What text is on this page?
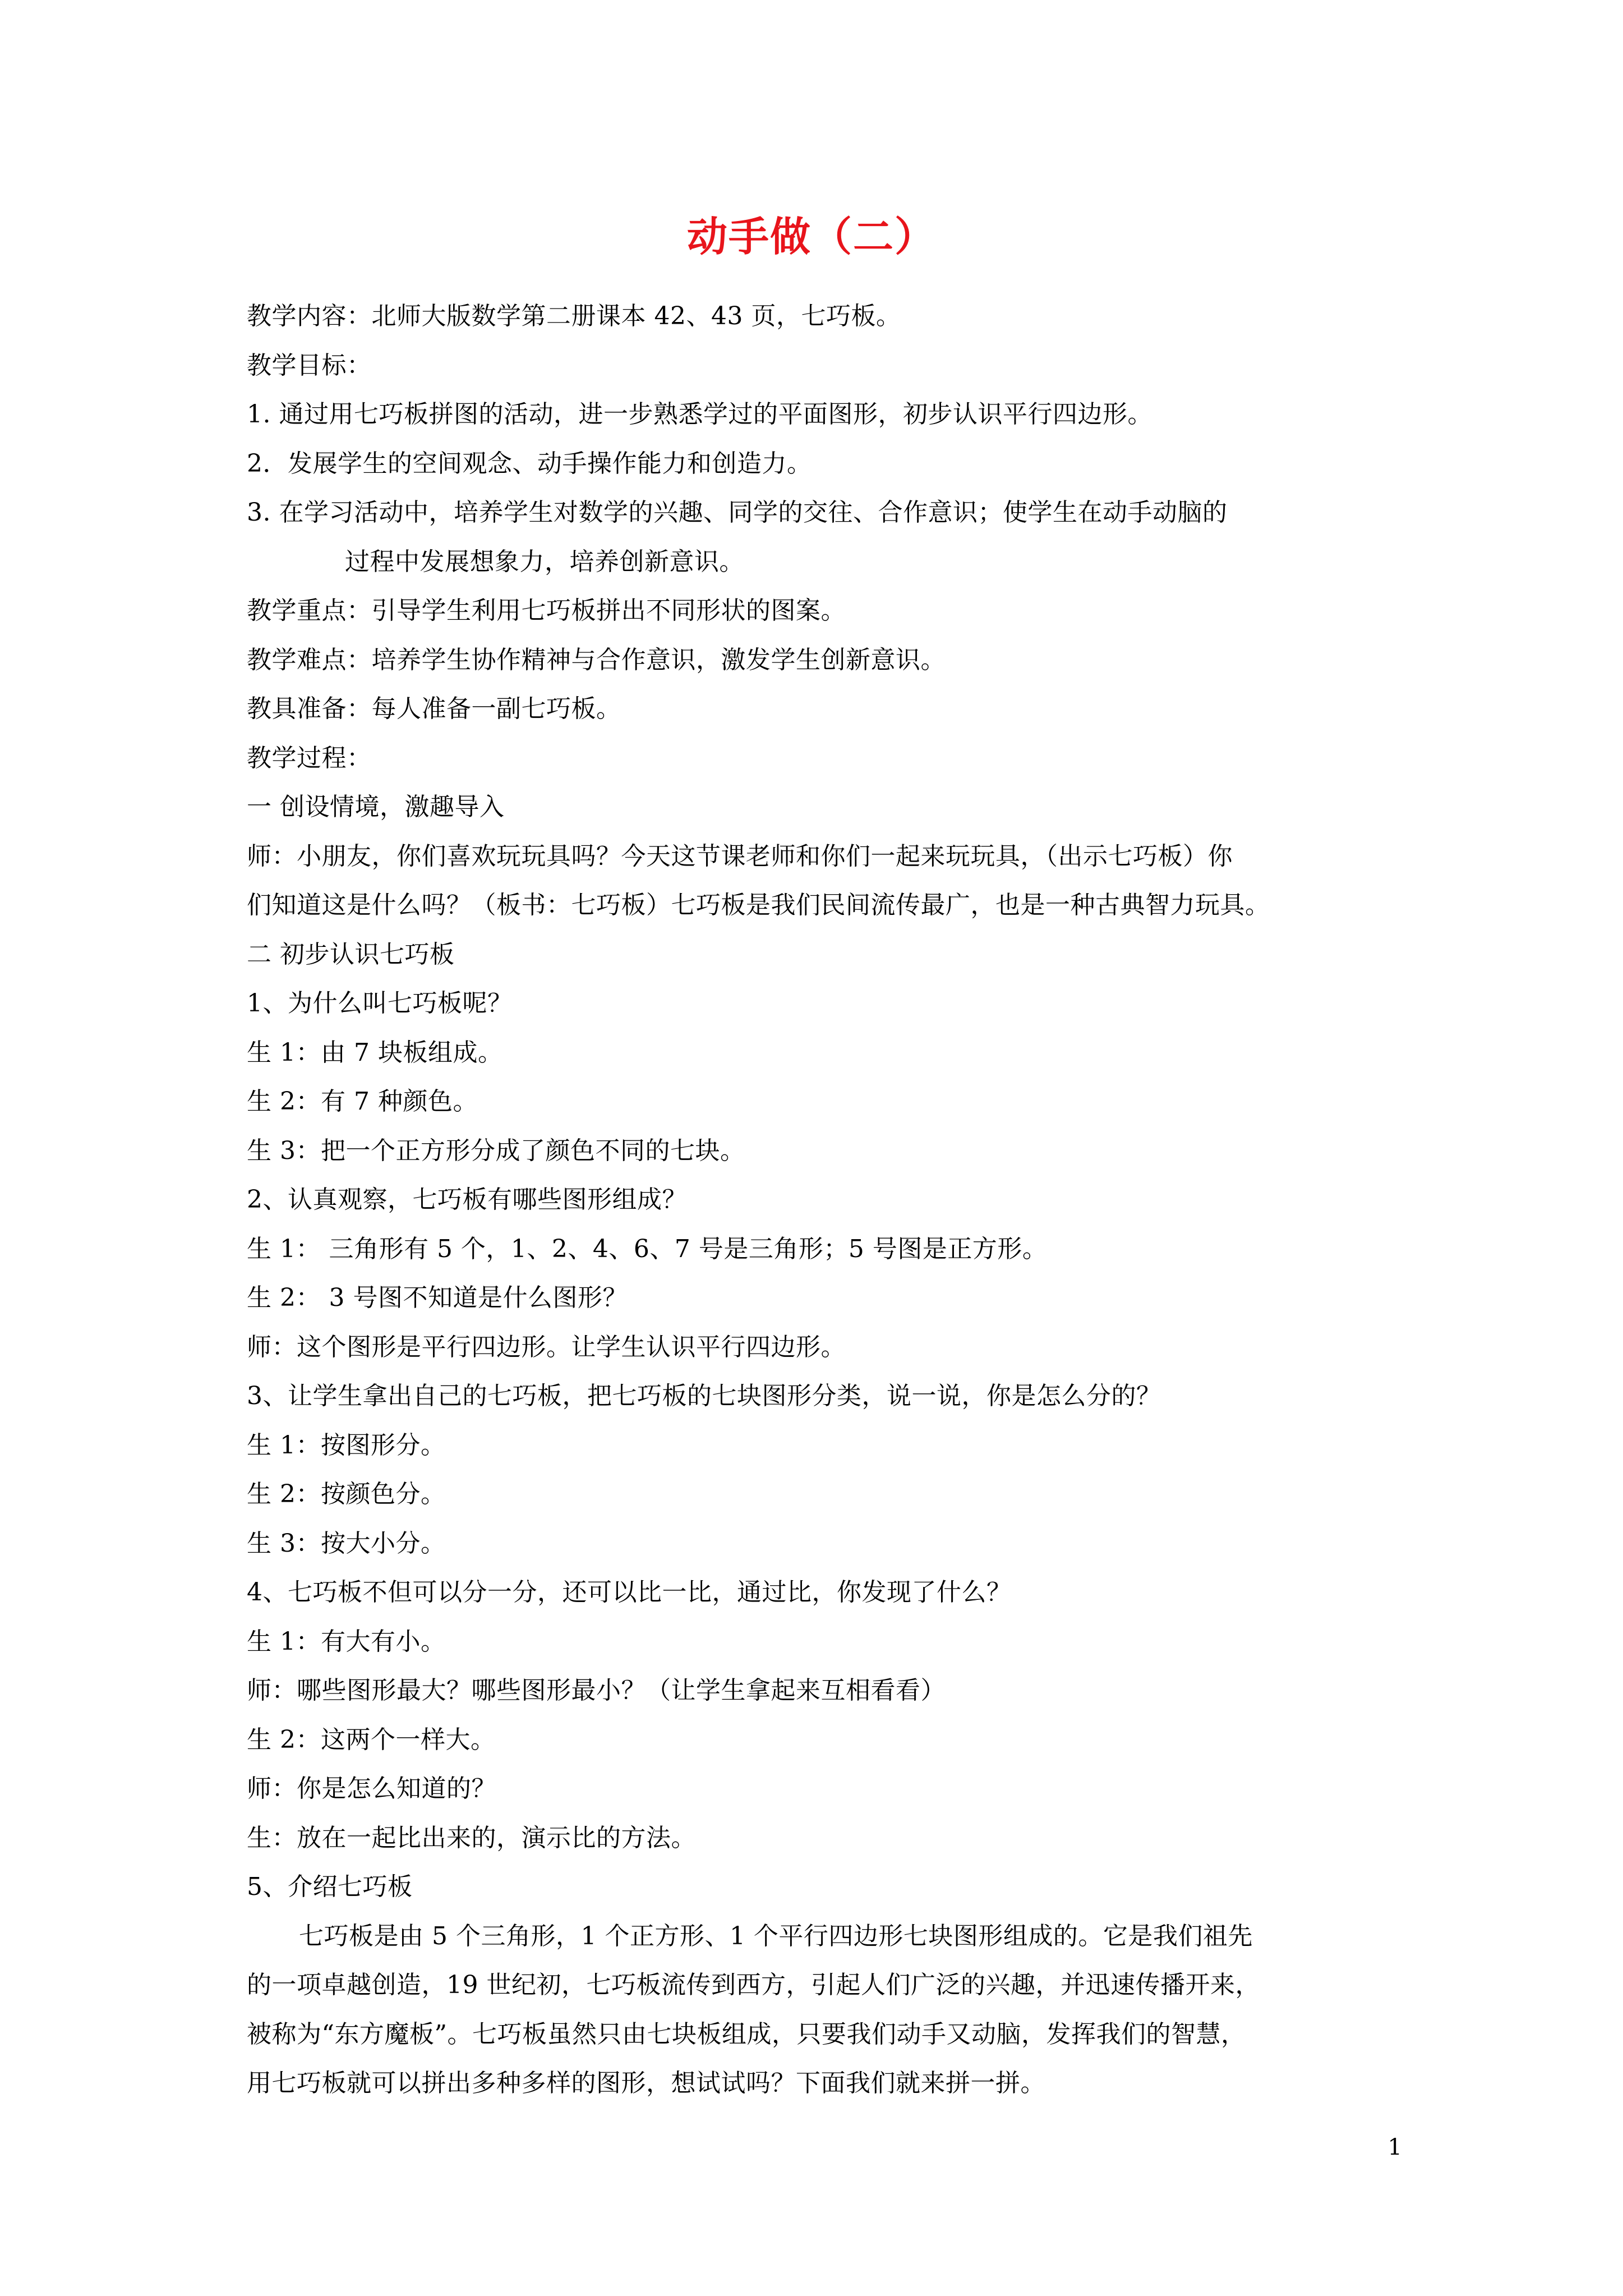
动手做（二）
教学内容：北师大版数学第二册课本 42、43 页，七巧板。
教学目标：
1. 通过用七巧板拼图的活动，进一步熟悉学过的平面图形，初步认识平行四边形。
2．发展学生的空间观念、动手操作能力和创造力。
3. 在学习活动中，培养学生对数学的兴趣、同学的交往、合作意识；使学生在动手动脑的
过程中发展想象力，培养创新意识。
教学重点：引导学生利用七巧板拼出不同形状的图案。
教学难点：培养学生协作精神与合作意识，激发学生创新意识。
教具准备：每人准备一副七巧板。
教学过程：
一 创设情境，激趣导入
师：小朋友，你们喜欢玩玩具吗？今天这节课老师和你们一起来玩玩具，（出示七巧板）你
们知道这是什么吗？（板书：七巧板）七巧板是我们民间流传最广，也是一种古典智力玩具。
二 初步认识七巧板
1、为什么叫七巧板呢？
生 1：由 7 块板组成。
生 2：有 7 种颜色。
生 3：把一个正方形分成了颜色不同的七块。
2、认真观察，七巧板有哪些图形组成？
生 1： 三角形有 5 个，1、2、4、6、7 号是三角形；5 号图是正方形。
生 2： 3 号图不知道是什么图形？
师：这个图形是平行四边形。让学生认识平行四边形。
3、让学生拿出自己的七巧板，把七巧板的七块图形分类，说一说，你是怎么分的？
生 1：按图形分。
生 2：按颜色分。
生 3：按大小分。
4、七巧板不但可以分一分，还可以比一比，通过比，你发现了什么？
生 1：有大有小。
师：哪些图形最大？哪些图形最小？（让学生拿起来互相看看）
生 2：这两个一样大。
师：你是怎么知道的？
生：放在一起比出来的，演示比的方法。
5、介绍七巧板
七巧板是由 5 个三角形，1 个正方形、1 个平行四边形七块图形组成的。它是我们祖先
的一项卓越创造，19 世纪初，七巧板流传到西方，引起人们广泛的兴趣，并迅速传播开来，
被称为“东方魔板”。七巧板虽然只由七块板组成，只要我们动手又动脑，发挥我们的智慧，
用七巧板就可以拼出多种多样的图形，想试试吗？下面我们就来拼一拼。
1
